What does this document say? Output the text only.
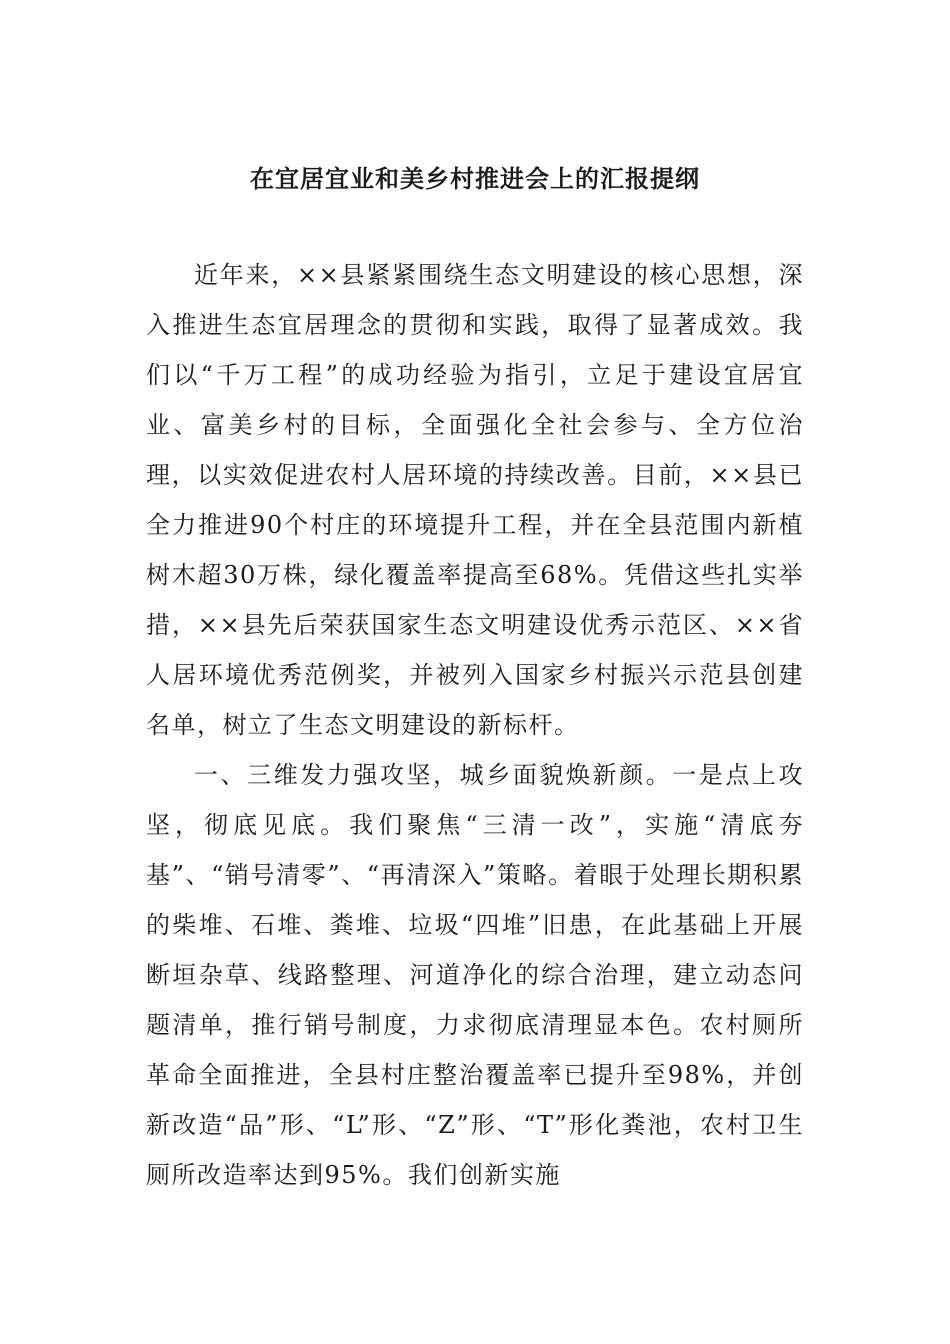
在宜居宜业和美乡村推进会上的汇报提纲

近年来，××县紧紧围绕生态文明建设的核心思想，深入推进生态宜居理念的贯彻和实践，取得了显著成效。我们以“千万工程”的成功经验为指引，立足于建设宜居宜业、富美乡村的目标，全面强化全社会参与、全方位治理，以实效促进农村人居环境的持续改善。目前，××县已全力推进90个村庄的环境提升工程，并在全县范围内新植树木超30万株，绿化覆盖率提高至68%。凭借这些扎实举措，××县先后荣获国家生态文明建设优秀示范区、××省人居环境优秀范例奖，并被列入国家乡村振兴示范县创建名单，树立了生态文明建设的新标杆。

一、三维发力强攻坚，城乡面貌焕新颜。一是点上攻坚，彻底见底。我们聚焦“三清一改”，实施“清底夯基”、“销号清零”、“再清深入”策略。着眼于处理长期积累的柴堆、石堆、粪堆、垃圾“四堆”旧患，在此基础上开展断垣杂草、线路整理、河道净化的综合治理，建立动态问题清单，推行销号制度，力求彻底清理显本色。农村厕所革命全面推进，全县村庄整治覆盖率已提升至98%，并创新改造“品”形、“L”形、“Z”形、“T”形化粪池，农村卫生厕所改造率达到95%。我们创新实施
